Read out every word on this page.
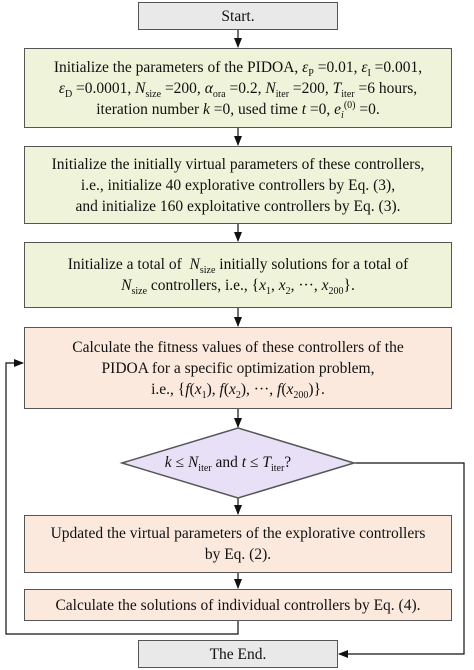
Start.
Initialize the parameters of the PIDOA, $\varepsilon_P =0.01$, $\varepsilon_I =0.001$,
$\varepsilon_D =0.0001$, $N_{size} =200$, $\alpha_{ora} =0.2$, $N_{iter} =200$, $T_{iter} =6$ hours,
iteration number k =0, used time t =0, $e_i^{(0)} =0$.
Initialize the initially virtual parameters of these controllers,
i.e., initialize 40 explorative controllers by Eq. (3),
and initialize 160 exploitative controllers by Eq. (3).
Initialize a total of  $N_{size}$ initially solutions for a total of
$N_{size}$ controllers, i.e., {$x_1$, $x_2$, ···, $x_{200}$}.
Calculate the fitness values of these controllers of the
PIDOA for a specific optimization problem,
i.e., {$f(x_1)$, $f(x_2)$, ···, $f(x_{200})$}.
Updated the virtual parameters of the explorative controllers
by Eq. (2).
Calculate the solutions of individual controllers by Eq. (4).
The End.
$k \le N_{iter}$ and $t \le T_{iter}$?
